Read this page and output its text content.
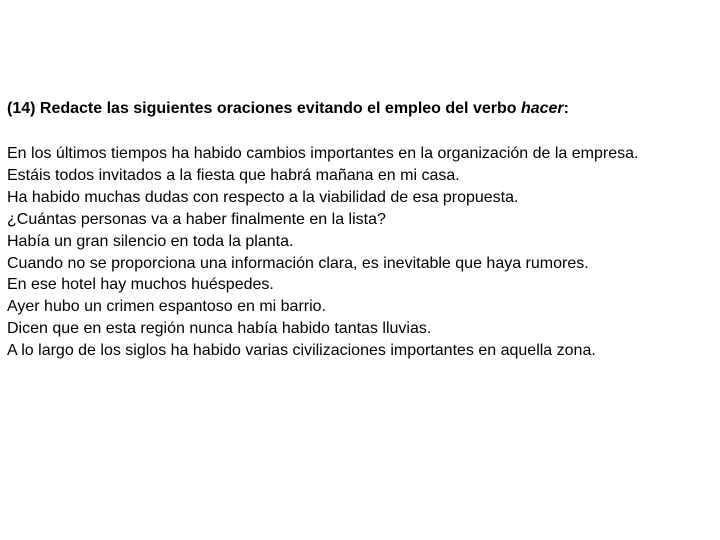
(14) Redacte las siguientes oraciones evitando el empleo del verbo hacer:
En los últimos tiempos ha habido cambios importantes en la organización de la empresa.
Estáis todos invitados a la fiesta que habrá mañana en mi casa.
Ha habido muchas dudas con respecto a la viabilidad de esa propuesta.
¿Cuántas personas va a haber finalmente en la lista?
Había un gran silencio en toda la planta.
Cuando no se proporciona una información clara, es inevitable que haya rumores.
En ese hotel hay muchos huéspedes.
Ayer hubo un crimen espantoso en mi barrio.
Dicen que en esta región nunca había habido tantas lluvias.
A lo largo de los siglos ha habido varias civilizaciones importantes en aquella zona.
